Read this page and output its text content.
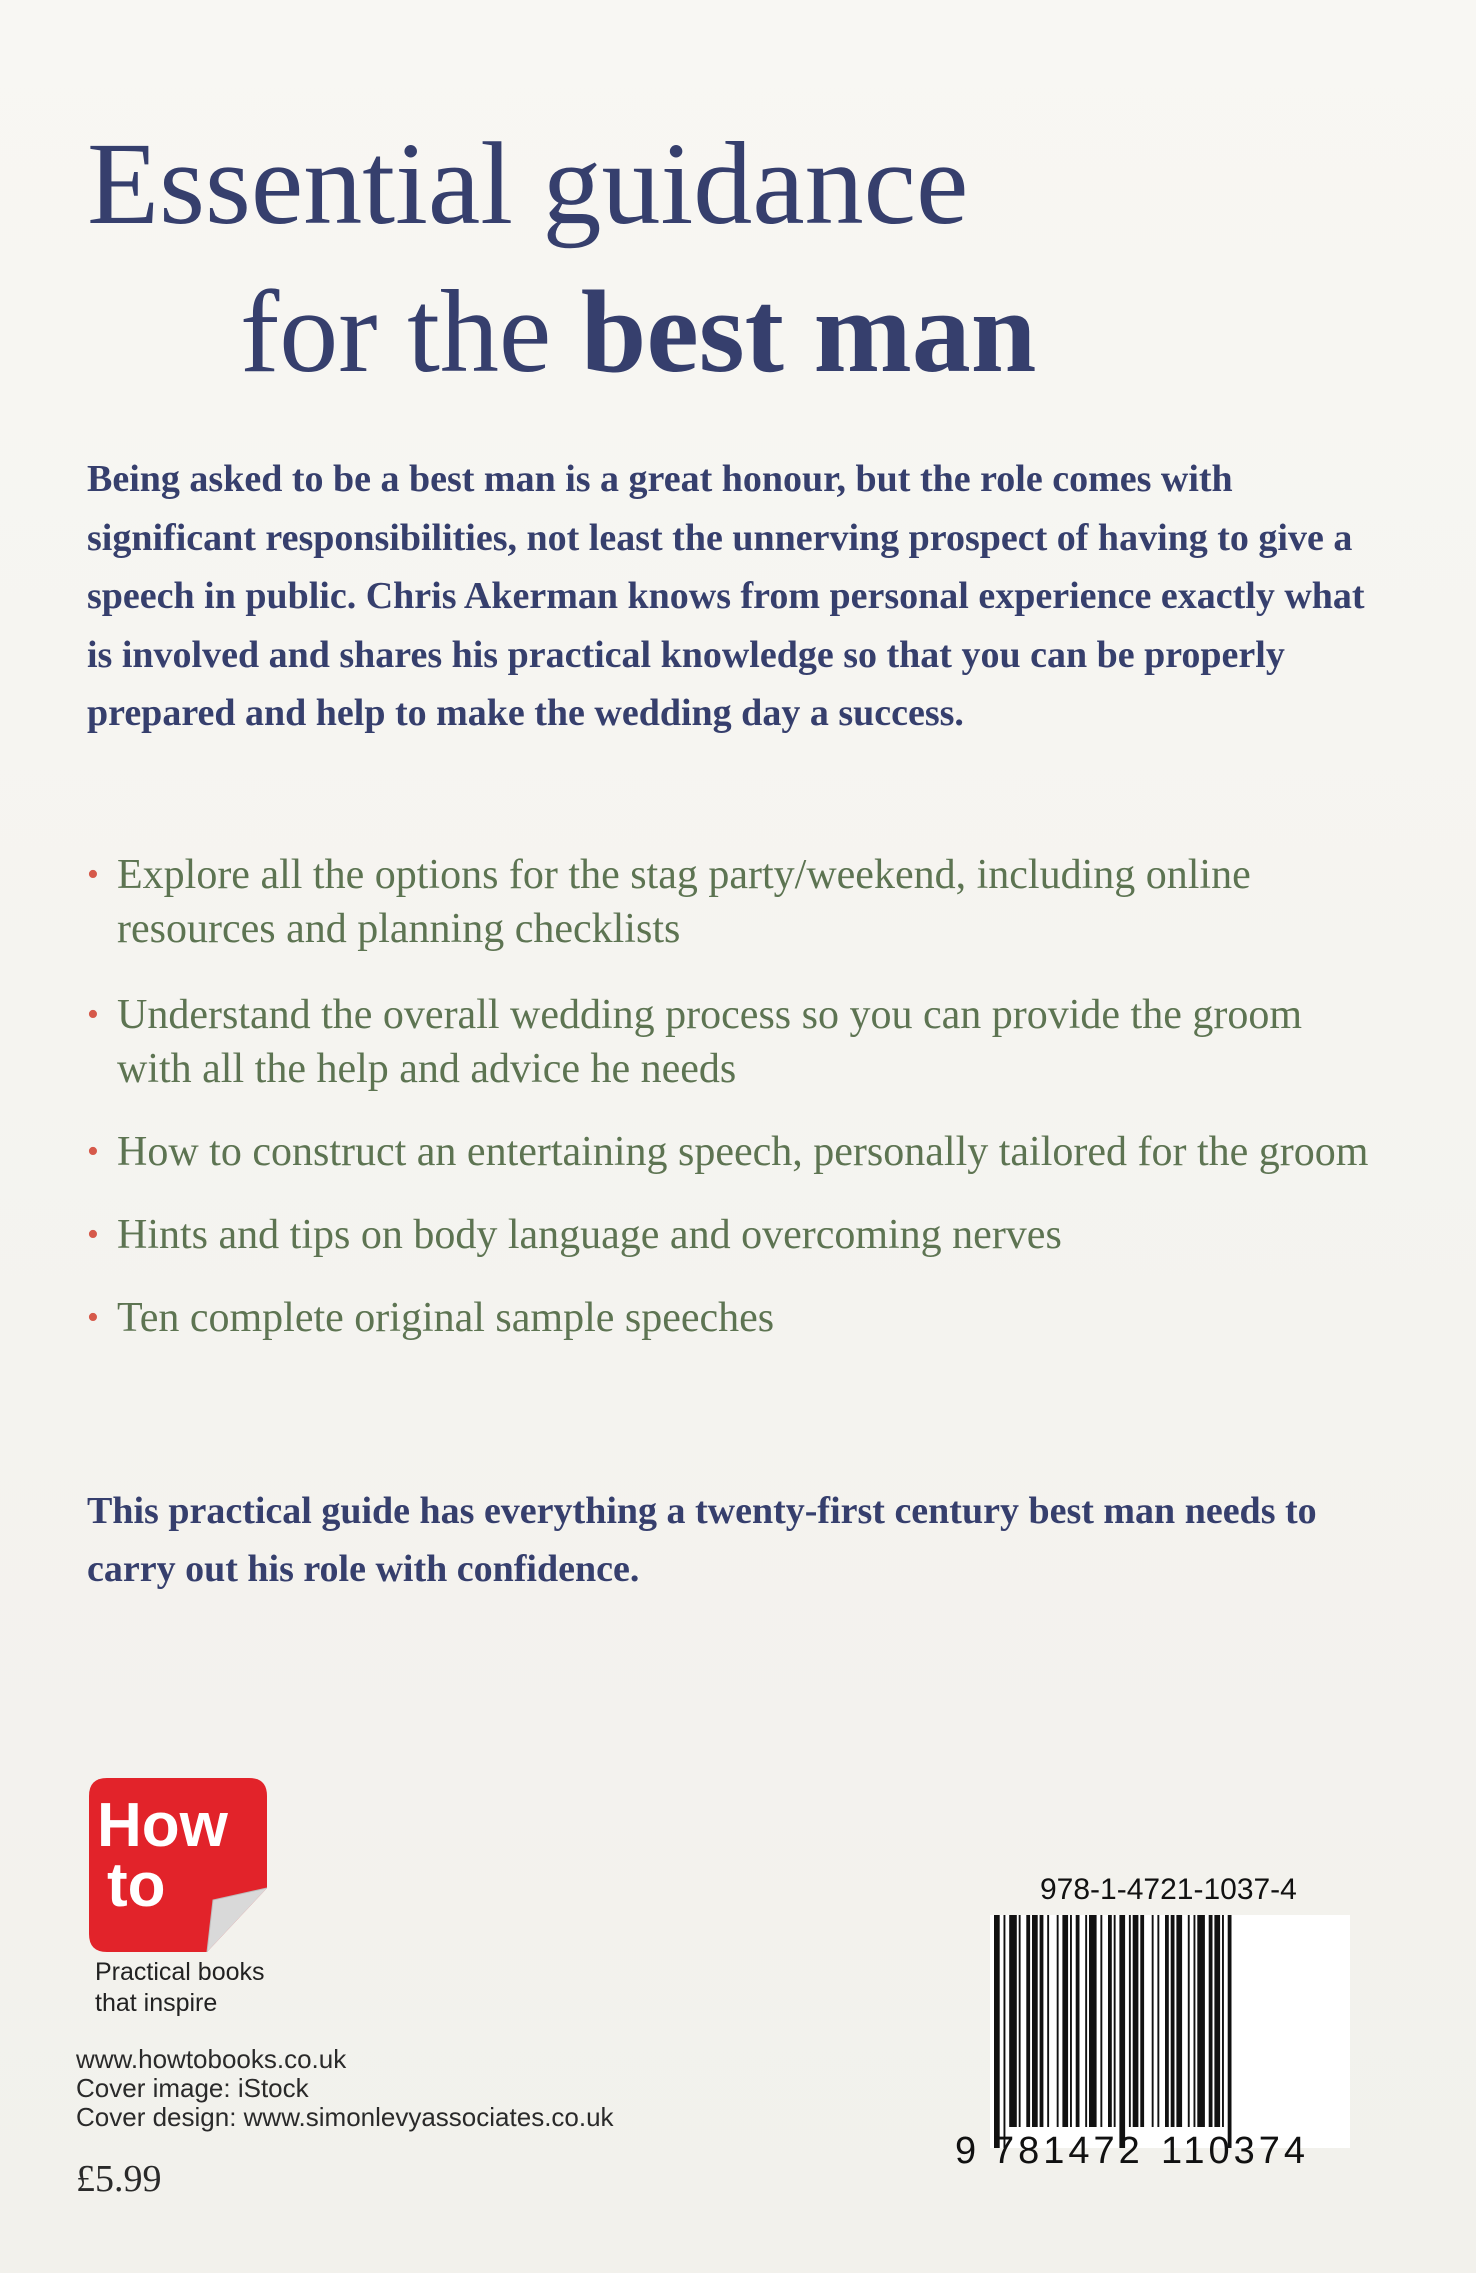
Essential guidance
for the best man

Being asked to be a best man is a great honour, but the role comes with significant responsibilities, not least the unnerving prospect of having to give a speech in public. Chris Akerman knows from personal experience exactly what is involved and shares his practical knowledge so that you can be properly prepared and help to make the wedding day a success.

• Explore all the options for the stag party/weekend, including online resources and planning checklists
• Understand the overall wedding process so you can provide the groom with all the help and advice he needs
• How to construct an entertaining speech, personally tailored for the groom
• Hints and tips on body language and overcoming nerves
• Ten complete original sample speeches

This practical guide has everything a twenty-first century best man needs to carry out his role with confidence.

How
to
Practical books
that inspire
www.howtobooks.co.uk
Cover image: iStock
Cover design: www.simonlevyassociates.co.uk
£5.99
978-1-4721-1037-4
9 781472 110374
